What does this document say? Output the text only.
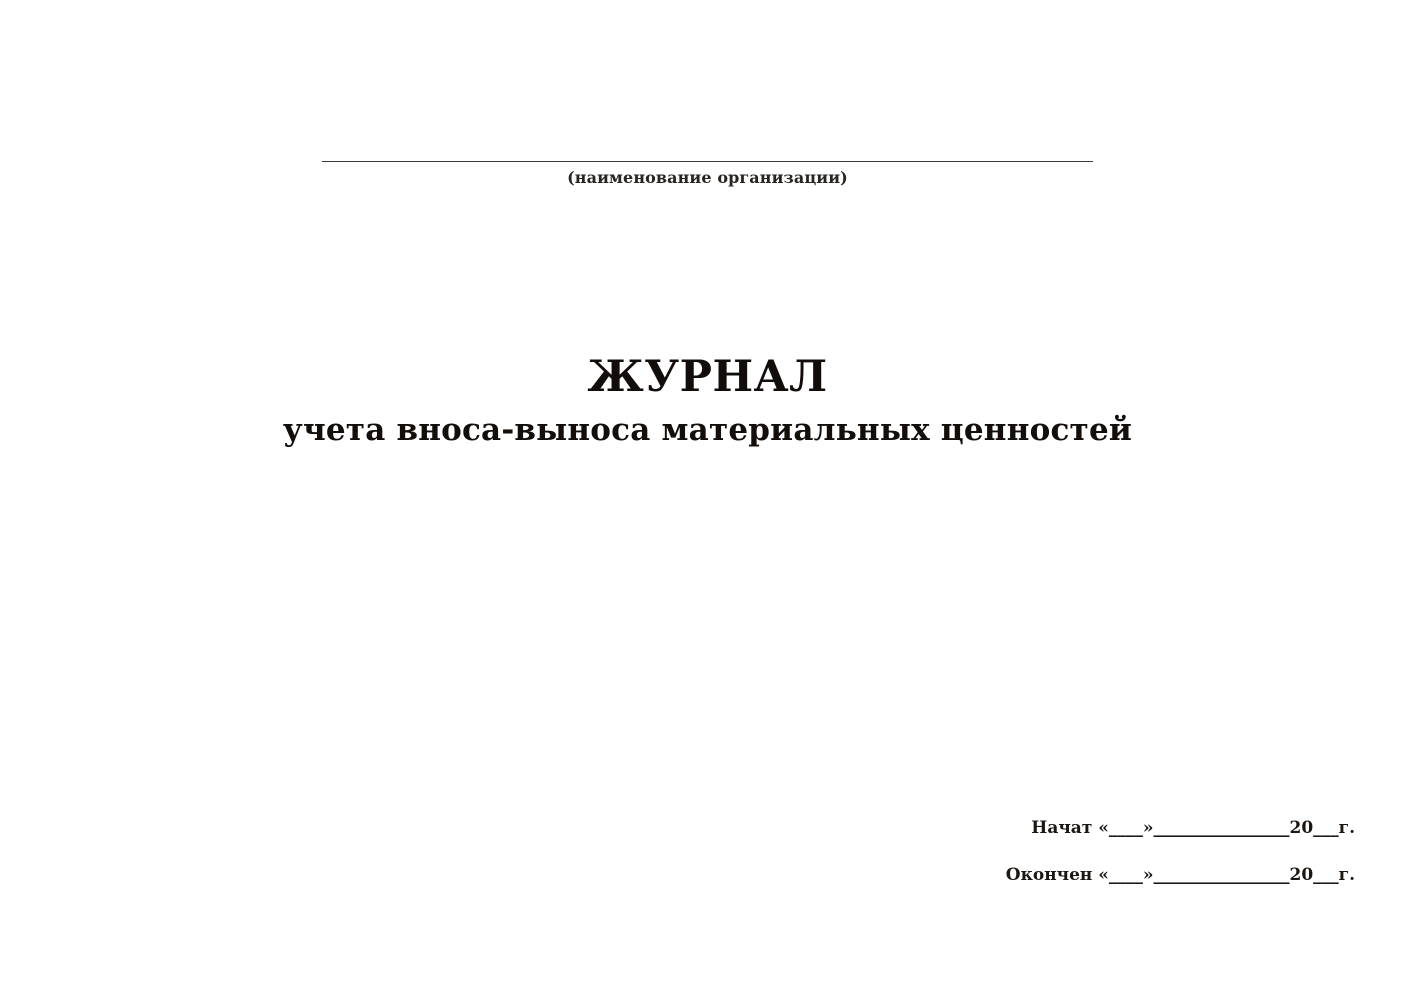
(наименование организации)
ЖУРНАЛ
учета вноса-выноса материальных ценностей
Начат «____»________________20___г.
Окончен «____»________________20___г.
